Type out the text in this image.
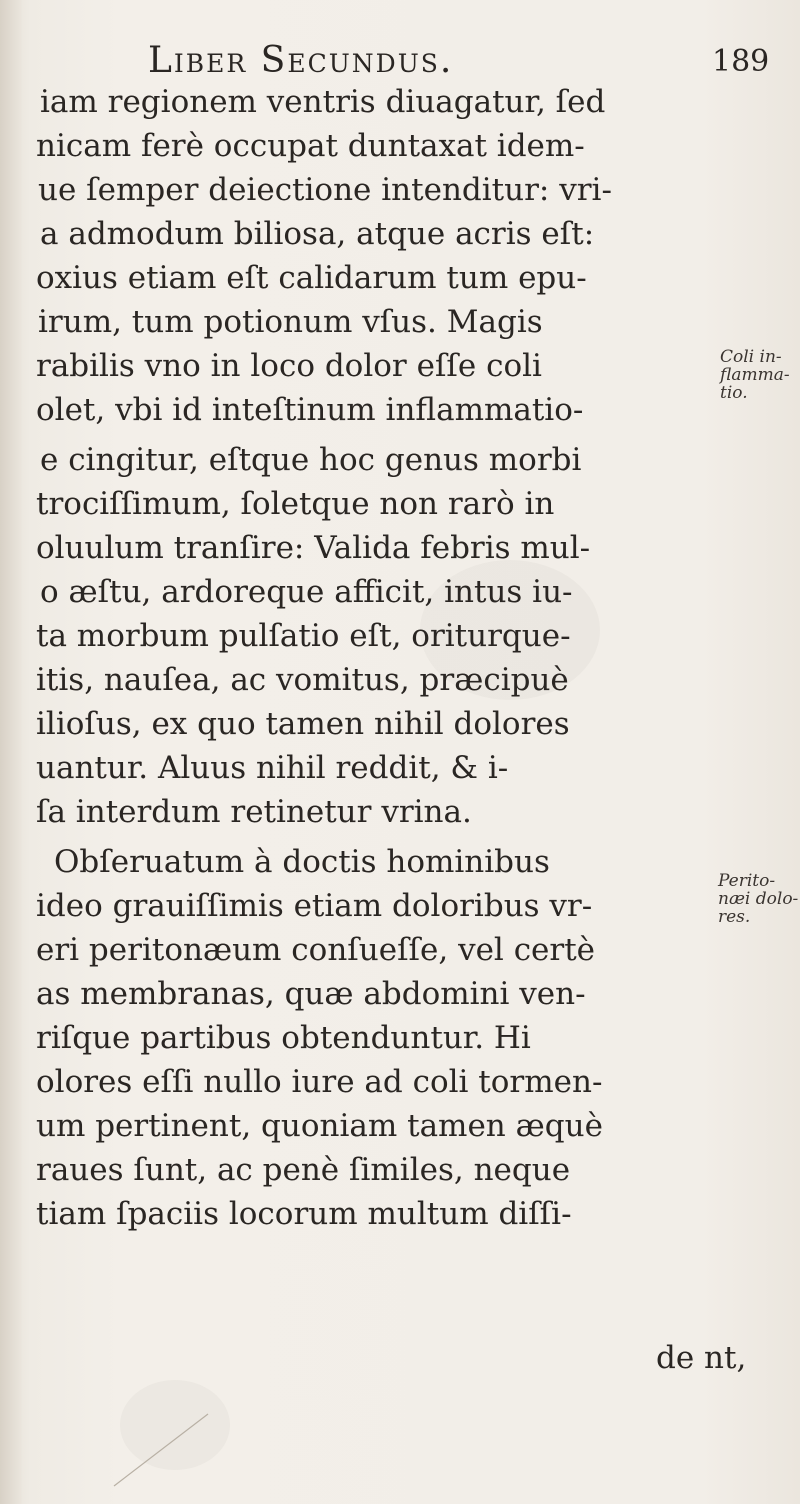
Liber Secundus.	189
iam regionem ventris diuagatur, ſed
nicam ferè occupat duntaxat idem-
ue ſemper deiectione intenditur: vri-
a admodum biliosa, atque acris eſt:
oxius etiam eſt calidarum tum epu-
irum, tum potionum vſus. Magis
rabilis vno in loco dolor eſſe coli
olet, vbi id inteſtinum inflammatio-
e cingitur, eſtque hoc genus morbi
trociſſimum, ſoletque non rarò in
oluulum tranſire: Valida febris mul-
o æſtu, ardoreque afficit, intus iu-
ta morbum pulſatio eſt, oriturque-
itis, nauſea, ac vomitus, præcipuè
ilioſus, ex quo tamen nihil dolores
uantur. Aluus nihil reddit, & i-
ſa interdum retinetur vrina.
Obſeruatum à doctis hominibus
ideo grauiſſimis etiam doloribus vr-
eri peritonæum conſueſſe, vel certè
as membranas, quæ abdomini ven-
riſque partibus obtenduntur. Hi
olores eſſi nullo iure ad coli tormen-
um pertinent, quoniam tamen æquè
raues ſunt, ac penè ſimiles, neque
tiam ſpaciis locorum multum diſſi-
Coli in-
flamma-
tio.
Perito-
næi dolo-
res.
de nt,
